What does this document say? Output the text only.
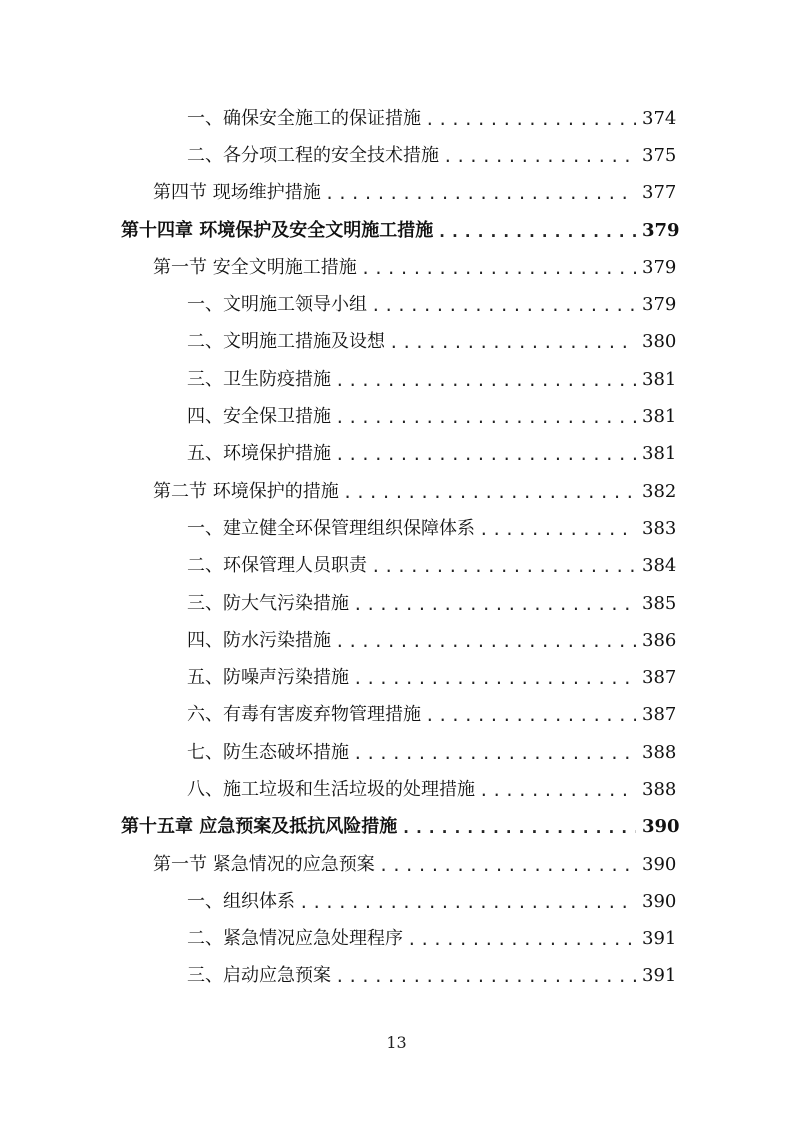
一、确保安全施工的保证措施 .....	374
二、各分项工程的安全技术措施 .....	375
第四节 现场维护措施 .....	377
第十四章 环境保护及安全文明施工措施 .....	379
第一节 安全文明施工措施 .....	379
一、文明施工领导小组 .....	379
二、文明施工措施及设想 .....	380
三、卫生防疫措施 .....	381
四、安全保卫措施 .....	381
五、环境保护措施 .....	381
第二节 环境保护的措施 .....	382
一、建立健全环保管理组织保障体系 .....	383
二、环保管理人员职责 .....	384
三、防大气污染措施 .....	385
四、防水污染措施 .....	386
五、防噪声污染措施 .....	387
六、有毒有害废弃物管理措施 .....	387
七、防生态破坏措施 .....	388
八、施工垃圾和生活垃圾的处理措施 .....	388
第十五章 应急预案及抵抗风险措施 .....	390
第一节 紧急情况的应急预案 .....	390
一、组织体系 .....	390
二、紧急情况应急处理程序 .....	391
三、启动应急预案 .....	391
13
